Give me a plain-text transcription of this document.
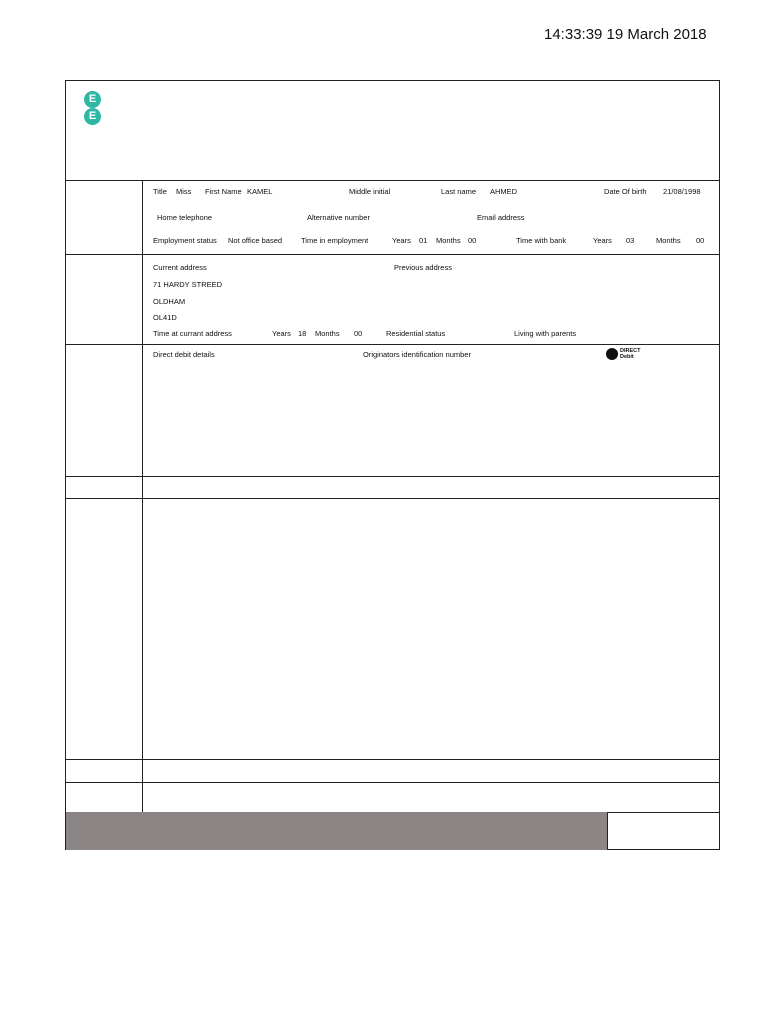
14:33:39 19 March 2018
E
E
Title Miss First Name KAMEL	Middle initial	Last name AHMED	Date Of birth 21/08/1998
Home telephone	Alternative number	Email address
Employment status Not office based	Time in employment	Years 01 Months 00	Time with bank	Years 03	Months 00
Current address	Previous address
71 HARDY STREED
OLDHAM
OL41D
Time at currant address	Years 18 Months 00	Residential status	Living with parents
Direct debit details	Originators identification number	DIRECT
Debit
